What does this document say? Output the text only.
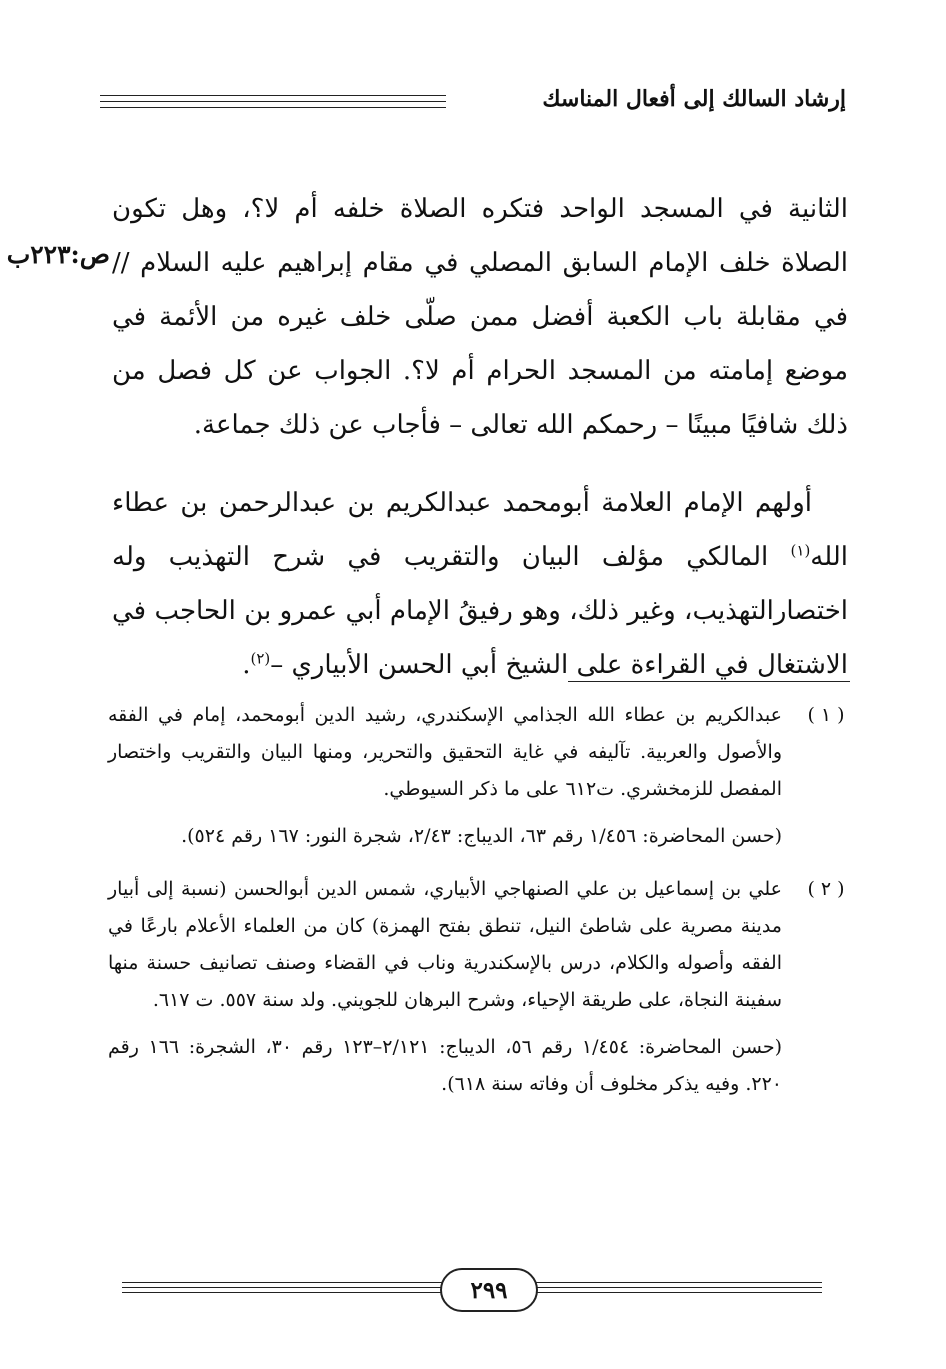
إرشاد السالك إلى أفعال المناسك
ص:٢٢٣ب

الثانية في المسجد الواحد فتكره الصلاة خلفه أم لا؟، وهل تكون الصلاة خلف الإمام السابق المصلي في مقام إبراهيم عليه السلام // في مقابلة باب الكعبة أفضل ممن صلّى خلف غيره من الأئمة في موضع إمامته من المسجد الحرام أم لا؟. الجواب عن كل فصل من ذلك شافيًا مبينًا – رحمكم الله تعالى – فأجاب عن ذلك جماعة.

أولهم الإمام العلامة أبومحمد عبدالكريم بن عبدالرحمن بن عطاء الله$^{(١)}$ المالكي مؤلف البيان والتقريب في شرح التهذيب وله اختصارالتهذيب، وغير ذلك، وهو رفيقُ الإمام أبي عمرو بن الحاجب في الاشتغال في القراءة على الشيخ أبي الحسن الأبياري –$^{(٢)}$.

( ١ )

عبدالكريم بن عطاء الله الجذامي الإسكندري، رشيد الدين أبومحمد، إمام في الفقه والأصول والعربية. تآليفه في غاية التحقيق والتحرير، ومنها البيان والتقريب واختصار المفصل للزمخشري. ت٦١٢ على ما ذكر السيوطي.

(حسن المحاضرة: ١/٤٥٦ رقم ٦٣، الديباج: ٢/٤٣، شجرة النور: ١٦٧ رقم ٥٢٤).

( ٢ )

علي بن إسماعيل بن علي الصنهاجي الأبياري، شمس الدين أبوالحسن (نسبة إلى أبيار مدينة مصرية على شاطئ النيل، تنطق بفتح الهمزة) كان من العلماء الأعلام بارعًا في الفقه وأصوله والكلام، درس بالإسكندرية وناب في القضاء وصنف تصانيف حسنة منها سفينة النجاة، على طريقة الإحياء، وشرح البرهان للجويني. ولد سنة ٥٥٧. ت ٦١٧.

(حسن المحاضرة: ١/٤٥٤ رقم ٥٦، الديباج: ٢/١٢١–١٢٣ رقم ٣٠، الشجرة: ١٦٦ رقم ٢٢٠. وفيه يذكر مخلوف أن وفاته سنة ٦١٨).

٢٩٩
